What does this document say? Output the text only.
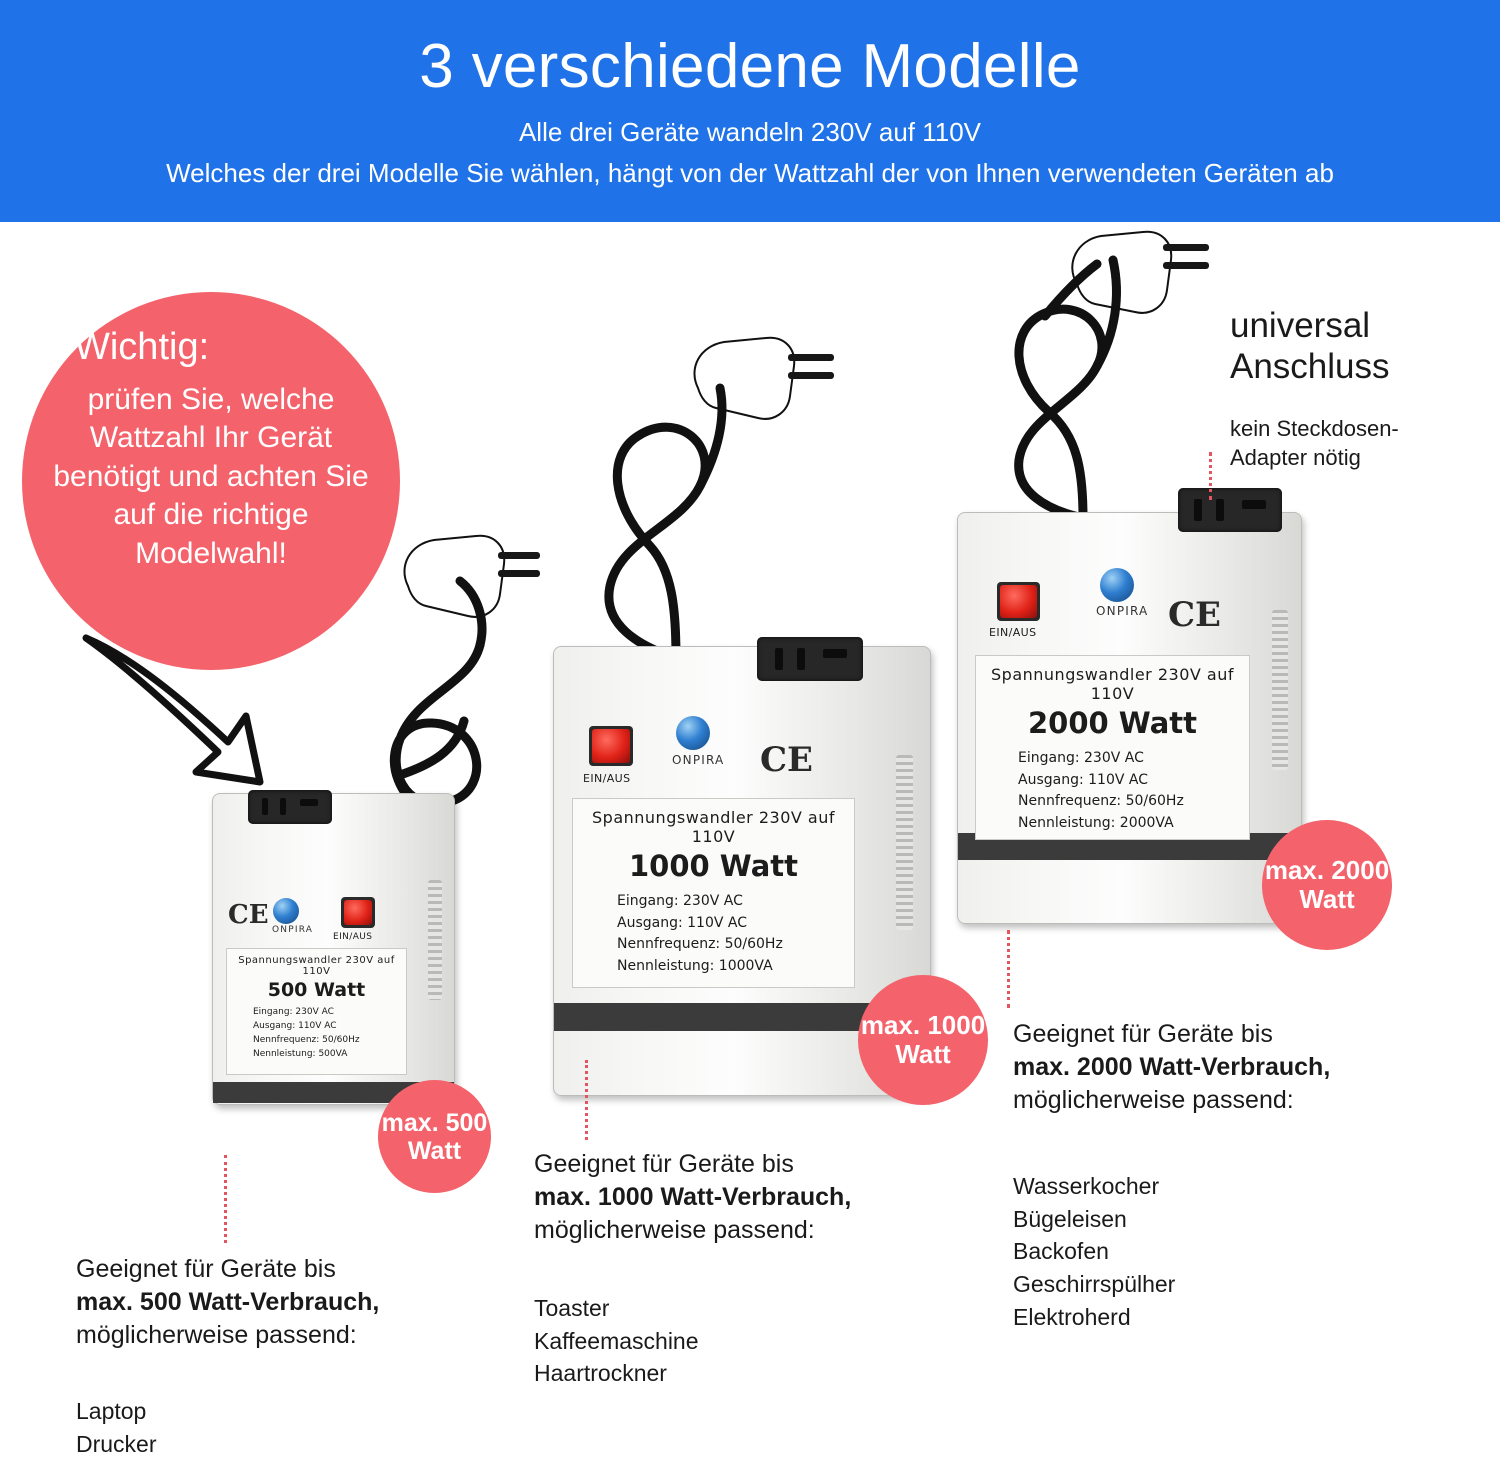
3 verschiedene Modelle
Alle drei Geräte wandeln 230V auf 110V
Welches der drei Modelle Sie wählen, hängt von der Wattzahl der von Ihnen verwendeten Geräten ab
Wichtig:
prüfen Sie, welche Wattzahl Ihr Gerät benötigt und achten Sie auf die richtige Modelwahl!
CE ONPIRA
EIN/AUS
Spannungswandler 230V auf 110V
500 Watt
Eingang: 230V AC
Ausgang: 110V AC
Nennfrequenz: 50/60Hz
Nennleistung: 500VA
max. 500 Watt
Geeignet für Geräte bis
max. 500 Watt-Verbrauch,
möglicherweise passend:
Laptop
Drucker
EIN/AUS
ONPIRA CE
Spannungswandler 230V auf 110V
1000 Watt
Eingang: 230V AC
Ausgang: 110V AC
Nennfrequenz: 50/60Hz
Nennleistung: 1000VA
max. 1000 Watt
Geeignet für Geräte bis
max. 1000 Watt-Verbrauch,
möglicherweise passend:
Toaster
Kaffeemaschine
Haartrockner
EIN/AUS
ONPIRA CE
Spannungswandler 230V auf 110V
2000 Watt
Eingang: 230V AC
Ausgang: 110V AC
Nennfrequenz: 50/60Hz
Nennleistung: 2000VA
max. 2000 Watt
Geeignet für Geräte bis
max. 2000 Watt-Verbrauch,
möglicherweise passend:
Wasserkocher
Bügeleisen
Backofen
Geschirrspülher
Elektroherd
universal Anschluss
kein Steckdosen-Adapter nötig
